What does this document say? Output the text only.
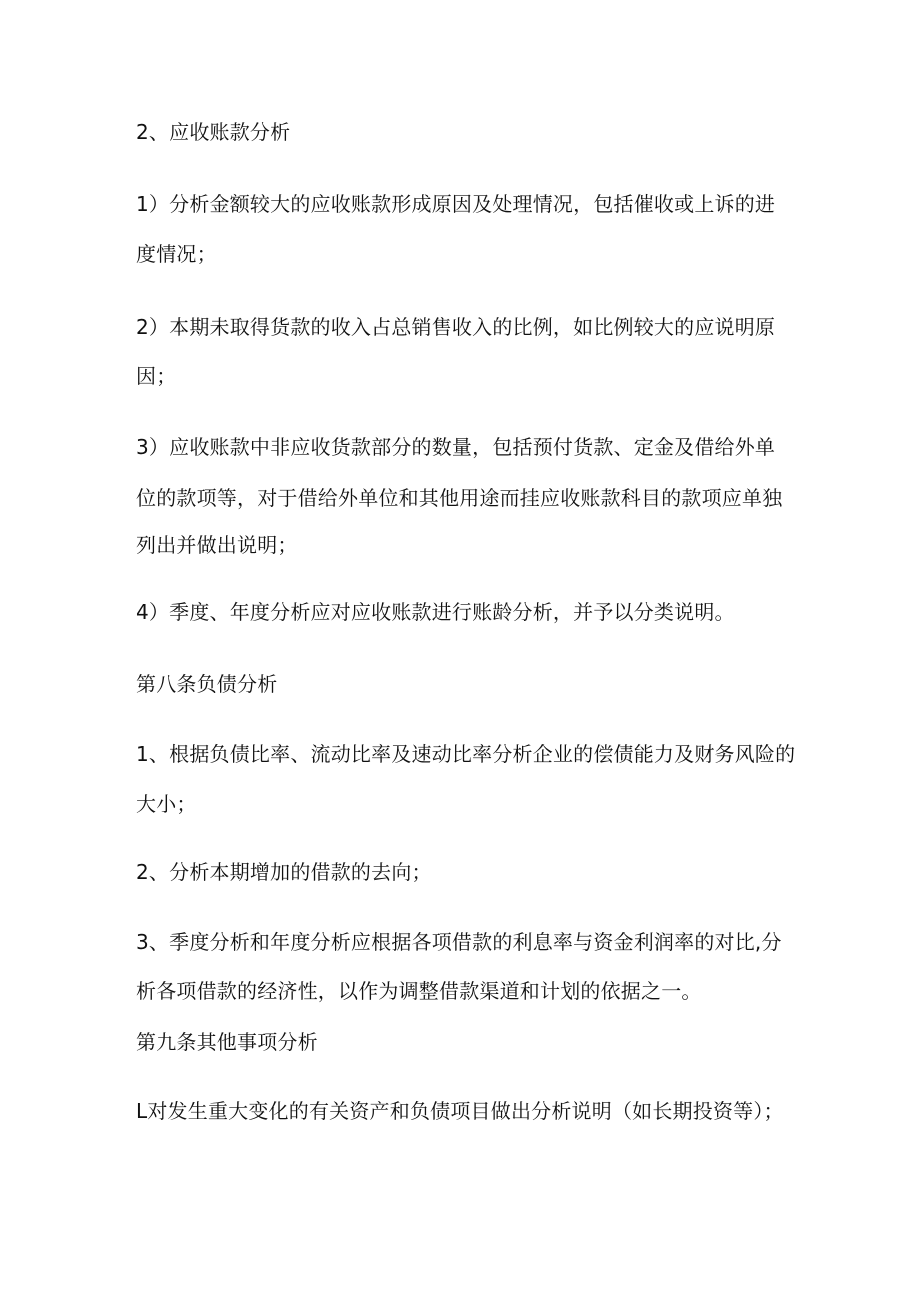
2、应收账款分析
1）分析金额较大的应收账款形成原因及处理情况，包括催收或上诉的进
度情况；
2）本期未取得货款的收入占总销售收入的比例，如比例较大的应说明原
因；
3）应收账款中非应收货款部分的数量，包括预付货款、定金及借给外单
位的款项等，对于借给外单位和其他用途而挂应收账款科目的款项应单独
列出并做出说明；
4）季度、年度分析应对应收账款进行账龄分析，并予以分类说明。
第八条负债分析
1、根据负债比率、流动比率及速动比率分析企业的偿债能力及财务风险的
大小；
2、分析本期增加的借款的去向；
3、季度分析和年度分析应根据各项借款的利息率与资金利润率的对比,分
析各项借款的经济性，以作为调整借款渠道和计划的依据之一。
第九条其他事项分析
L对发生重大变化的有关资产和负债项目做出分析说明（如长期投资等）；
